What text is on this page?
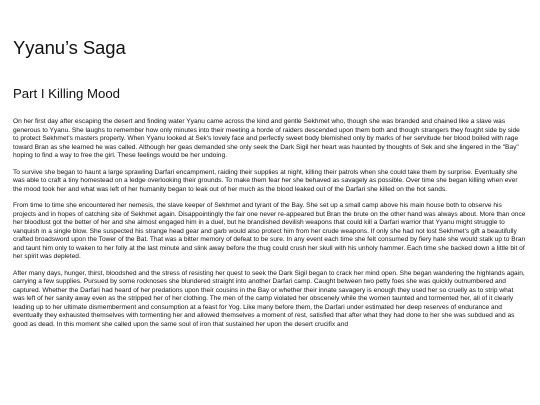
Yyanu’s Saga
Part I Killing Mood

On her first day after escaping the desert and finding water Yyanu came across the kind and gentle Sekhmet who, though she was branded and chained like a slave was generous to Yyanu. She laughs to remember how only minutes into their meeting a horde of raiders descended upon them both and though strangers they fought side by side to protect Sekhmet's masters property. When Yyanu looked at Sek's lovely face and perfectly sweet body blemished only by marks of her servitude her blood boiled with rage toward Bran as she learned he was called. Although her geas demanded she only seek the Dark Sigil her heart was haunted by thoughts of Sek and she lingered in the "Bay" hoping to find a way to free the girl. These feelings would be her undoing.

To survive she began to haunt a large sprawling Darfari encampment, raiding their supplies at night, killing their patrols when she could take them by surprise. Eventually she was able to craft a tiny homestead on a ledge overlooking their grounds. To make them fear her she behaved as savagely as possible. Over time she began killing when ever the mood took her and what was left of her humanity began to leak out of her much as the blood leaked out of the Darfari she killed on the hot sands.

From time to time she encountered her nemesis, the slave keeper of Sekhmet and tyrant of the Bay. She set up a small camp above his main house both to observe his projects and in hopes of catching site of Sekhmet again. Disappointingly the fair one never re-appeared but Bran the brute on the other hand was always about. More than once her bloodlust got the better of her and she almost engaged him in a duel, but he brandished devilish weapons that could kill a Darfari warrior that Yyanu might struggle to vanquish in a single blow. She suspected his strange head gear and garb would also protect him from her crude weapons. If only she had not lost Sekhmet's gift a beautifully crafted broadsword upon the Tower of the Bat. That was a bitter memory of defeat to be sure. In any event each time she felt consumed by fiery hate she would stalk up to Bran and taunt him only to waken to her folly at the last minute and slink away before the thug could crush her skull with his unholy hammer. Each time she backed down a little bit of her spirit was depleted.

After many days, hunger, thirst, bloodshed and the stress of resisting her quest to seek the Dark Sigil began to crack her mind open. She began wandering the highlands again, carrying a few supplies. Pursued by some rocknoses she blundered straight into another Darfari camp. Caught between two petty foes she was quickly outnumbered and captured. Whether the Darfari had heard of her predations upon their cousins in the Bay or whether their innate savagery is enough they used her so cruelly as to strip what was left of her sanity away even as the stripped her of her clothing. The men of the camp violated her obscenely while the women taunted and tormented her, all of it clearly leading up to her ultimate dismemberment and consumption at a feast for Yog. Like many before them, the Darfari under estimated her deep reserves of endurance and eventually they exhausted themselves with tormenting her and allowed themselves a moment of rest, satisfied that after what they had done to her she was subdued and as good as dead. In this moment she called upon the same soul of iron that sustained her upon the desert crucifix and
